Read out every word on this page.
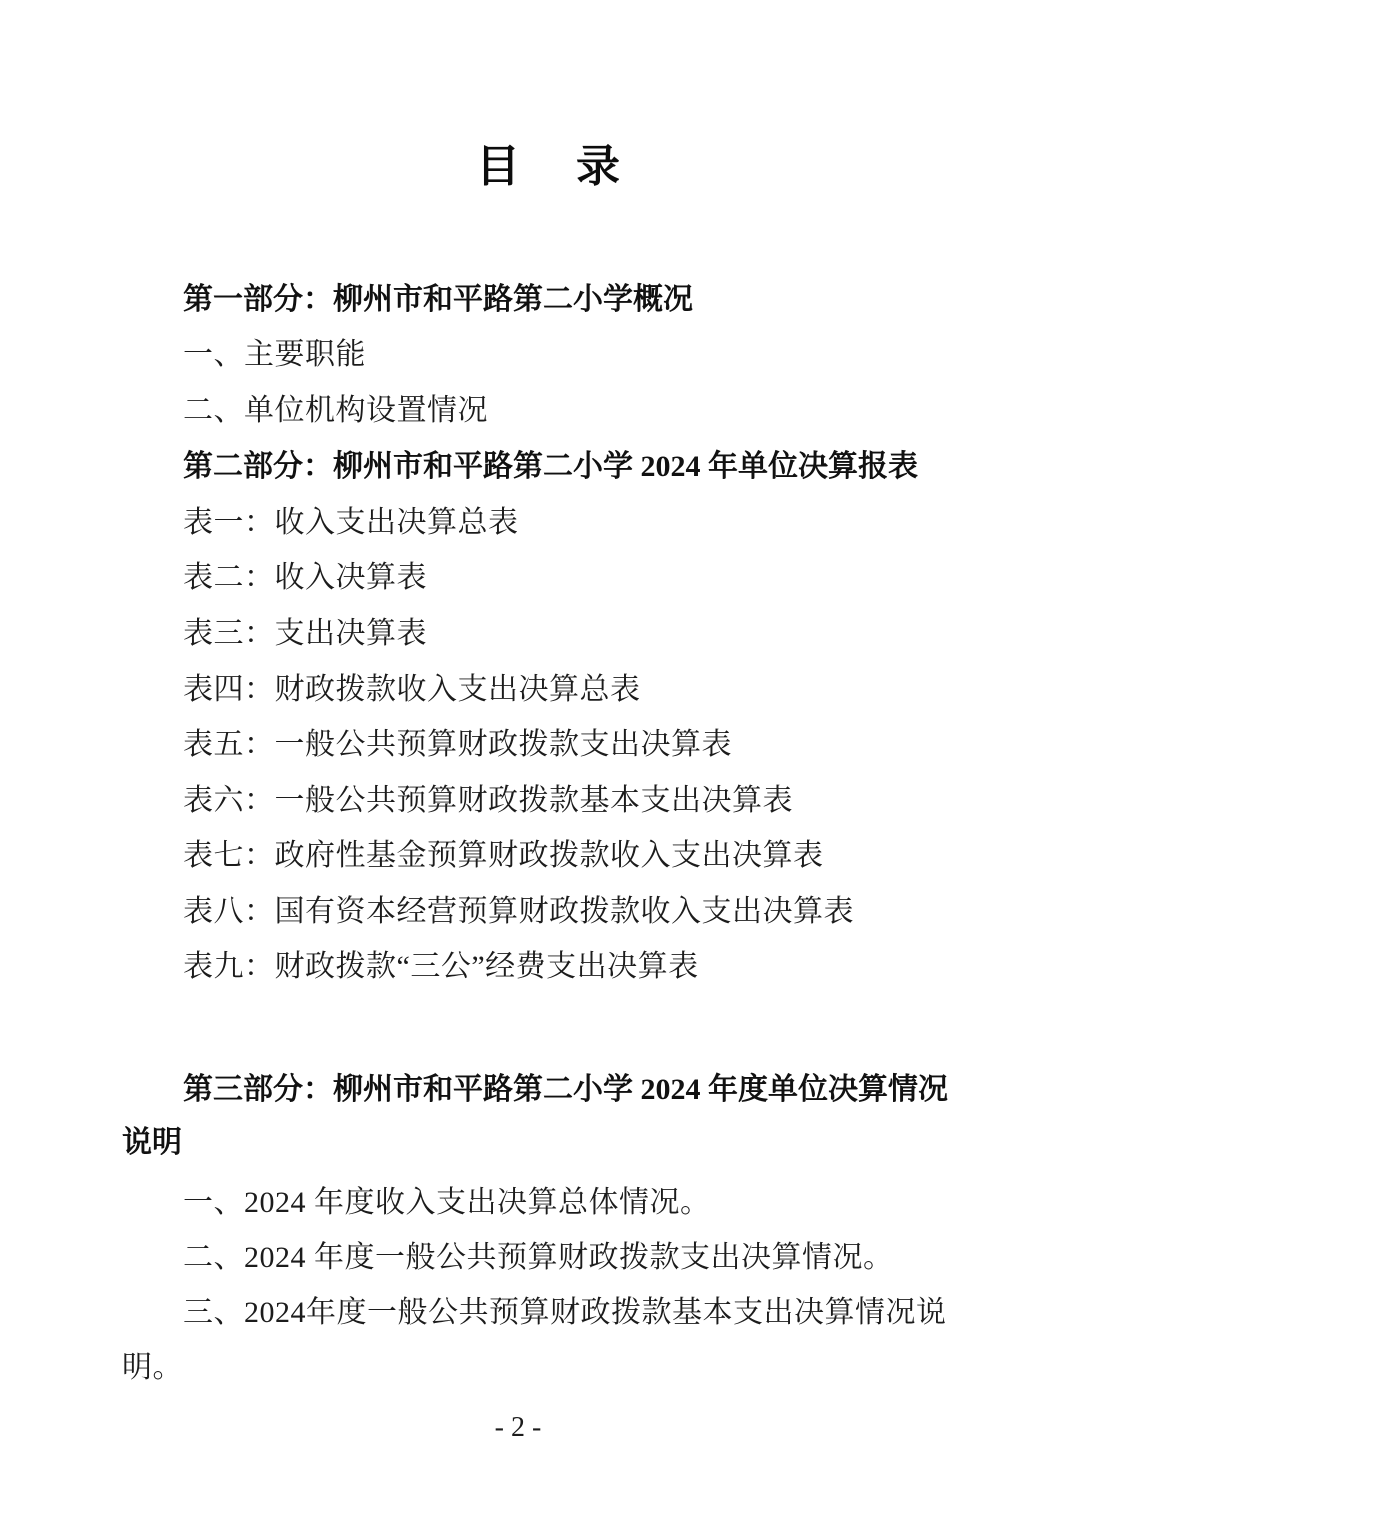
目　录
第一部分：柳州市和平路第二小学概况
一、主要职能
二、单位机构设置情况
第二部分：柳州市和平路第二小学 2024 年单位决算报表
表一：收入支出决算总表
表二：收入决算表
表三：支出决算表
表四：财政拨款收入支出决算总表
表五：一般公共预算财政拨款支出决算表
表六：一般公共预算财政拨款基本支出决算表
表七：政府性基金预算财政拨款收入支出决算表
表八：国有资本经营预算财政拨款收入支出决算表
表九：财政拨款“三公”经费支出决算表
第三部分：柳州市和平路第二小学 2024 年度单位决算情况
说明
一、2024 年度收入支出决算总体情况。
二、2024 年度一般公共预算财政拨款支出决算情况。
三、2024年度一般公共预算财政拨款基本支出决算情况说
明。
- 2 -
